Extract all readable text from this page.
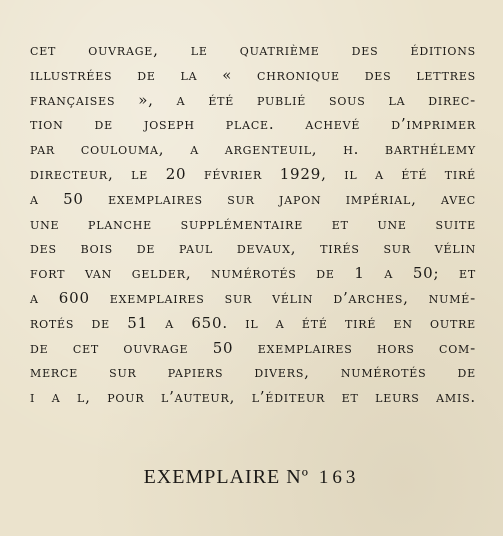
cet ouvrage, le quatrième des éditions
illustrées de la « chronique des lettres
françaises », a été publié sous la direc-
tion de joseph place. achevé d’imprimer
par coulouma, a argenteuil, h. barthélemy
directeur, le 20 février 1929, il a été tiré
a 50 exemplaires sur japon impérial, avec
une planche supplémentaire et une suite
des bois de paul devaux, tirés sur vélin
fort van gelder, numérotés de 1 a 50; et
a 600 exemplaires sur vélin d’arches, numé-
rotés de 51 a 650. il a été tiré en outre
de cet ouvrage 50 exemplaires hors com-
merce sur papiers divers, numérotés de
i a l, pour l’auteur, l’éditeur et leurs amis.
EXEMPLAIRE Nº 163
